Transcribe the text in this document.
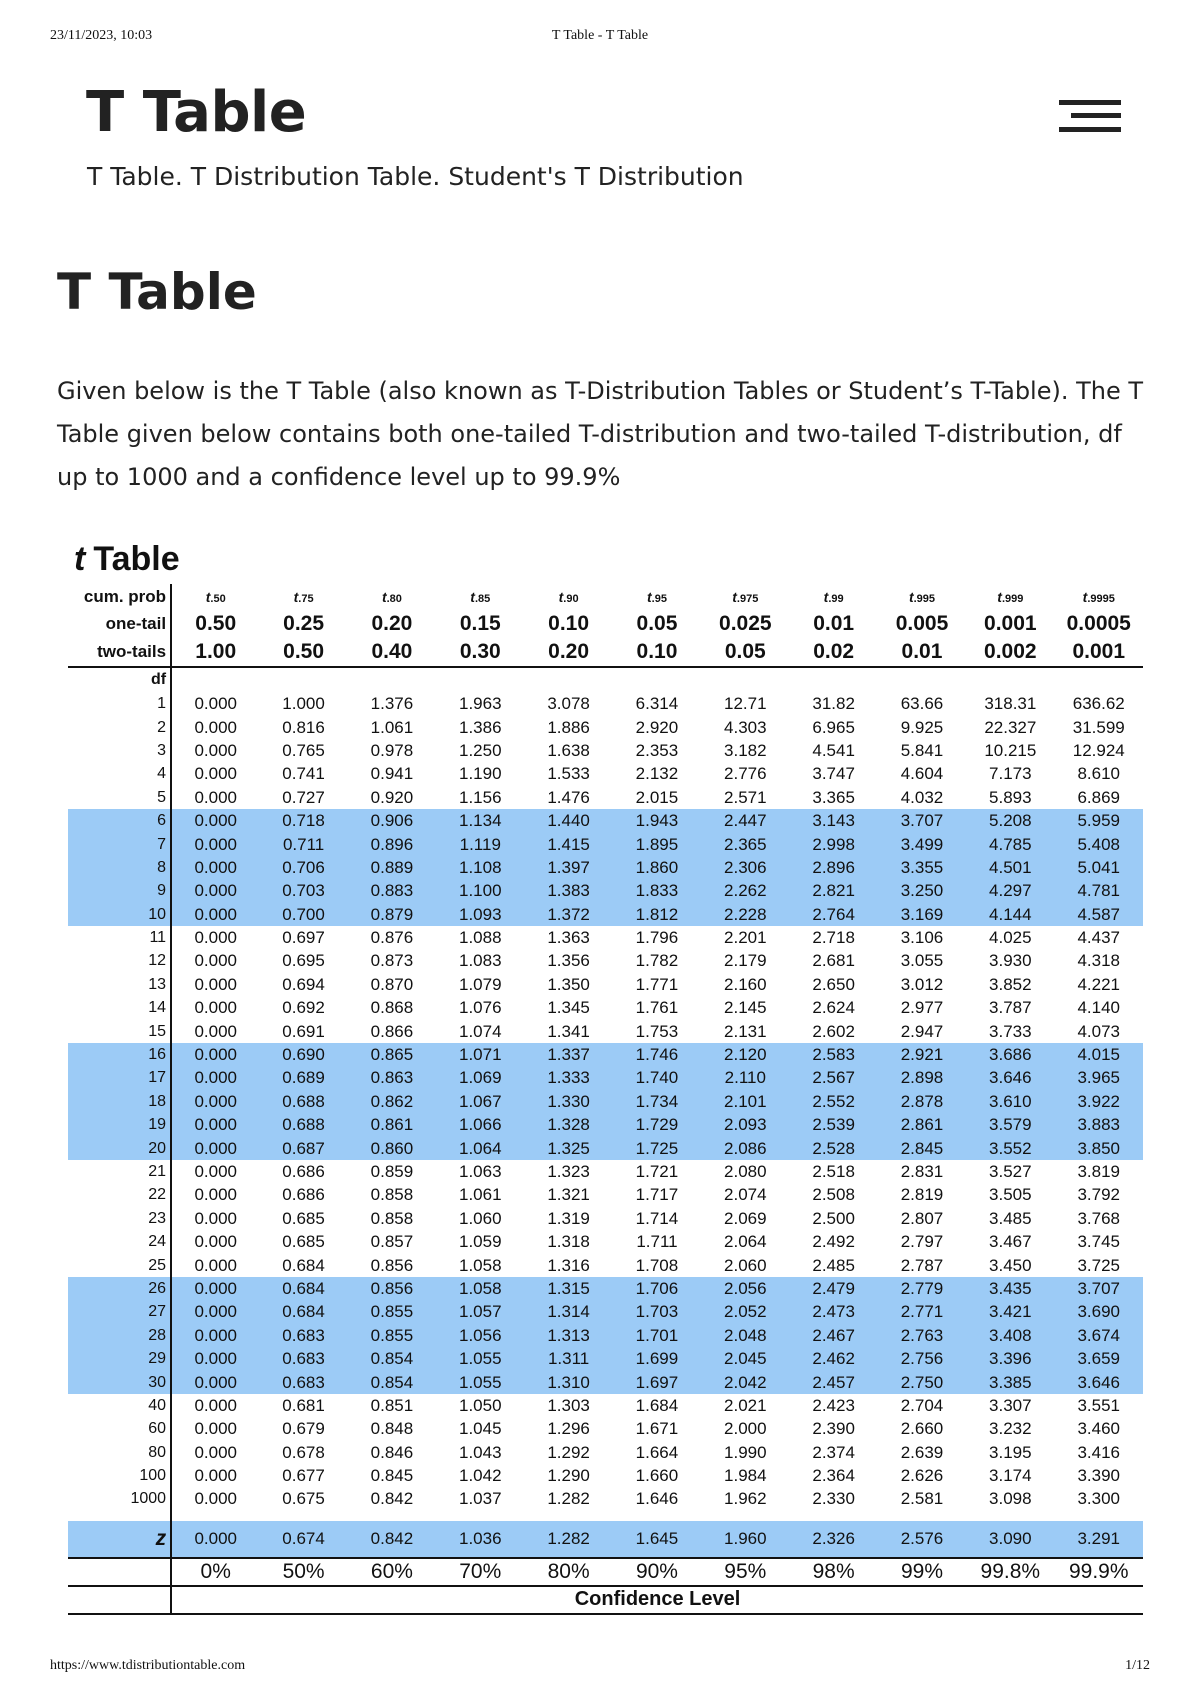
23/11/2023, 10:03	T Table - T Table
T Table
T Table. T Distribution Table. Student's T Distribution
T Table

Given below is the T Table (also known as T-Distribution Tables or Student’s T-Table). The T Table given below contains both one-tailed T-distribution and two-tailed T-distribution, df up to 1000 and a confidence level up to 99.9%

t Table
cum. prob	t.50	t.75	t.80	t.85	t.90	t.95	t.975	t.99	t.995	t.999	t.9995
one-tail	0.50	0.25	0.20	0.15	0.10	0.05	0.025	0.01	0.005	0.001	0.0005
two-tails	1.00	0.50	0.40	0.30	0.20	0.10	0.05	0.02	0.01	0.002	0.001
df											
1	0.000	1.000	1.376	1.963	3.078	6.314	12.71	31.82	63.66	318.31	636.62
2	0.000	0.816	1.061	1.386	1.886	2.920	4.303	6.965	9.925	22.327	31.599
3	0.000	0.765	0.978	1.250	1.638	2.353	3.182	4.541	5.841	10.215	12.924
4	0.000	0.741	0.941	1.190	1.533	2.132	2.776	3.747	4.604	7.173	8.610
5	0.000	0.727	0.920	1.156	1.476	2.015	2.571	3.365	4.032	5.893	6.869
6	0.000	0.718	0.906	1.134	1.440	1.943	2.447	3.143	3.707	5.208	5.959
7	0.000	0.711	0.896	1.119	1.415	1.895	2.365	2.998	3.499	4.785	5.408
8	0.000	0.706	0.889	1.108	1.397	1.860	2.306	2.896	3.355	4.501	5.041
9	0.000	0.703	0.883	1.100	1.383	1.833	2.262	2.821	3.250	4.297	4.781
10	0.000	0.700	0.879	1.093	1.372	1.812	2.228	2.764	3.169	4.144	4.587
11	0.000	0.697	0.876	1.088	1.363	1.796	2.201	2.718	3.106	4.025	4.437
12	0.000	0.695	0.873	1.083	1.356	1.782	2.179	2.681	3.055	3.930	4.318
13	0.000	0.694	0.870	1.079	1.350	1.771	2.160	2.650	3.012	3.852	4.221
14	0.000	0.692	0.868	1.076	1.345	1.761	2.145	2.624	2.977	3.787	4.140
15	0.000	0.691	0.866	1.074	1.341	1.753	2.131	2.602	2.947	3.733	4.073
16	0.000	0.690	0.865	1.071	1.337	1.746	2.120	2.583	2.921	3.686	4.015
17	0.000	0.689	0.863	1.069	1.333	1.740	2.110	2.567	2.898	3.646	3.965
18	0.000	0.688	0.862	1.067	1.330	1.734	2.101	2.552	2.878	3.610	3.922
19	0.000	0.688	0.861	1.066	1.328	1.729	2.093	2.539	2.861	3.579	3.883
20	0.000	0.687	0.860	1.064	1.325	1.725	2.086	2.528	2.845	3.552	3.850
21	0.000	0.686	0.859	1.063	1.323	1.721	2.080	2.518	2.831	3.527	3.819
22	0.000	0.686	0.858	1.061	1.321	1.717	2.074	2.508	2.819	3.505	3.792
23	0.000	0.685	0.858	1.060	1.319	1.714	2.069	2.500	2.807	3.485	3.768
24	0.000	0.685	0.857	1.059	1.318	1.711	2.064	2.492	2.797	3.467	3.745
25	0.000	0.684	0.856	1.058	1.316	1.708	2.060	2.485	2.787	3.450	3.725
26	0.000	0.684	0.856	1.058	1.315	1.706	2.056	2.479	2.779	3.435	3.707
27	0.000	0.684	0.855	1.057	1.314	1.703	2.052	2.473	2.771	3.421	3.690
28	0.000	0.683	0.855	1.056	1.313	1.701	2.048	2.467	2.763	3.408	3.674
29	0.000	0.683	0.854	1.055	1.311	1.699	2.045	2.462	2.756	3.396	3.659
30	0.000	0.683	0.854	1.055	1.310	1.697	2.042	2.457	2.750	3.385	3.646
40	0.000	0.681	0.851	1.050	1.303	1.684	2.021	2.423	2.704	3.307	3.551
60	0.000	0.679	0.848	1.045	1.296	1.671	2.000	2.390	2.660	3.232	3.460
80	0.000	0.678	0.846	1.043	1.292	1.664	1.990	2.374	2.639	3.195	3.416
100	0.000	0.677	0.845	1.042	1.290	1.660	1.984	2.364	2.626	3.174	3.390
1000	0.000	0.675	0.842	1.037	1.282	1.646	1.962	2.330	2.581	3.098	3.300

z	0.000	0.674	0.842	1.036	1.282	1.645	1.960	2.326	2.576	3.090	3.291
	0%	50%	60%	70%	80%	90%	95%	98%	99%	99.8%	99.9%
	Confidence Level										
https://www.tdistributiontable.com	1/12
